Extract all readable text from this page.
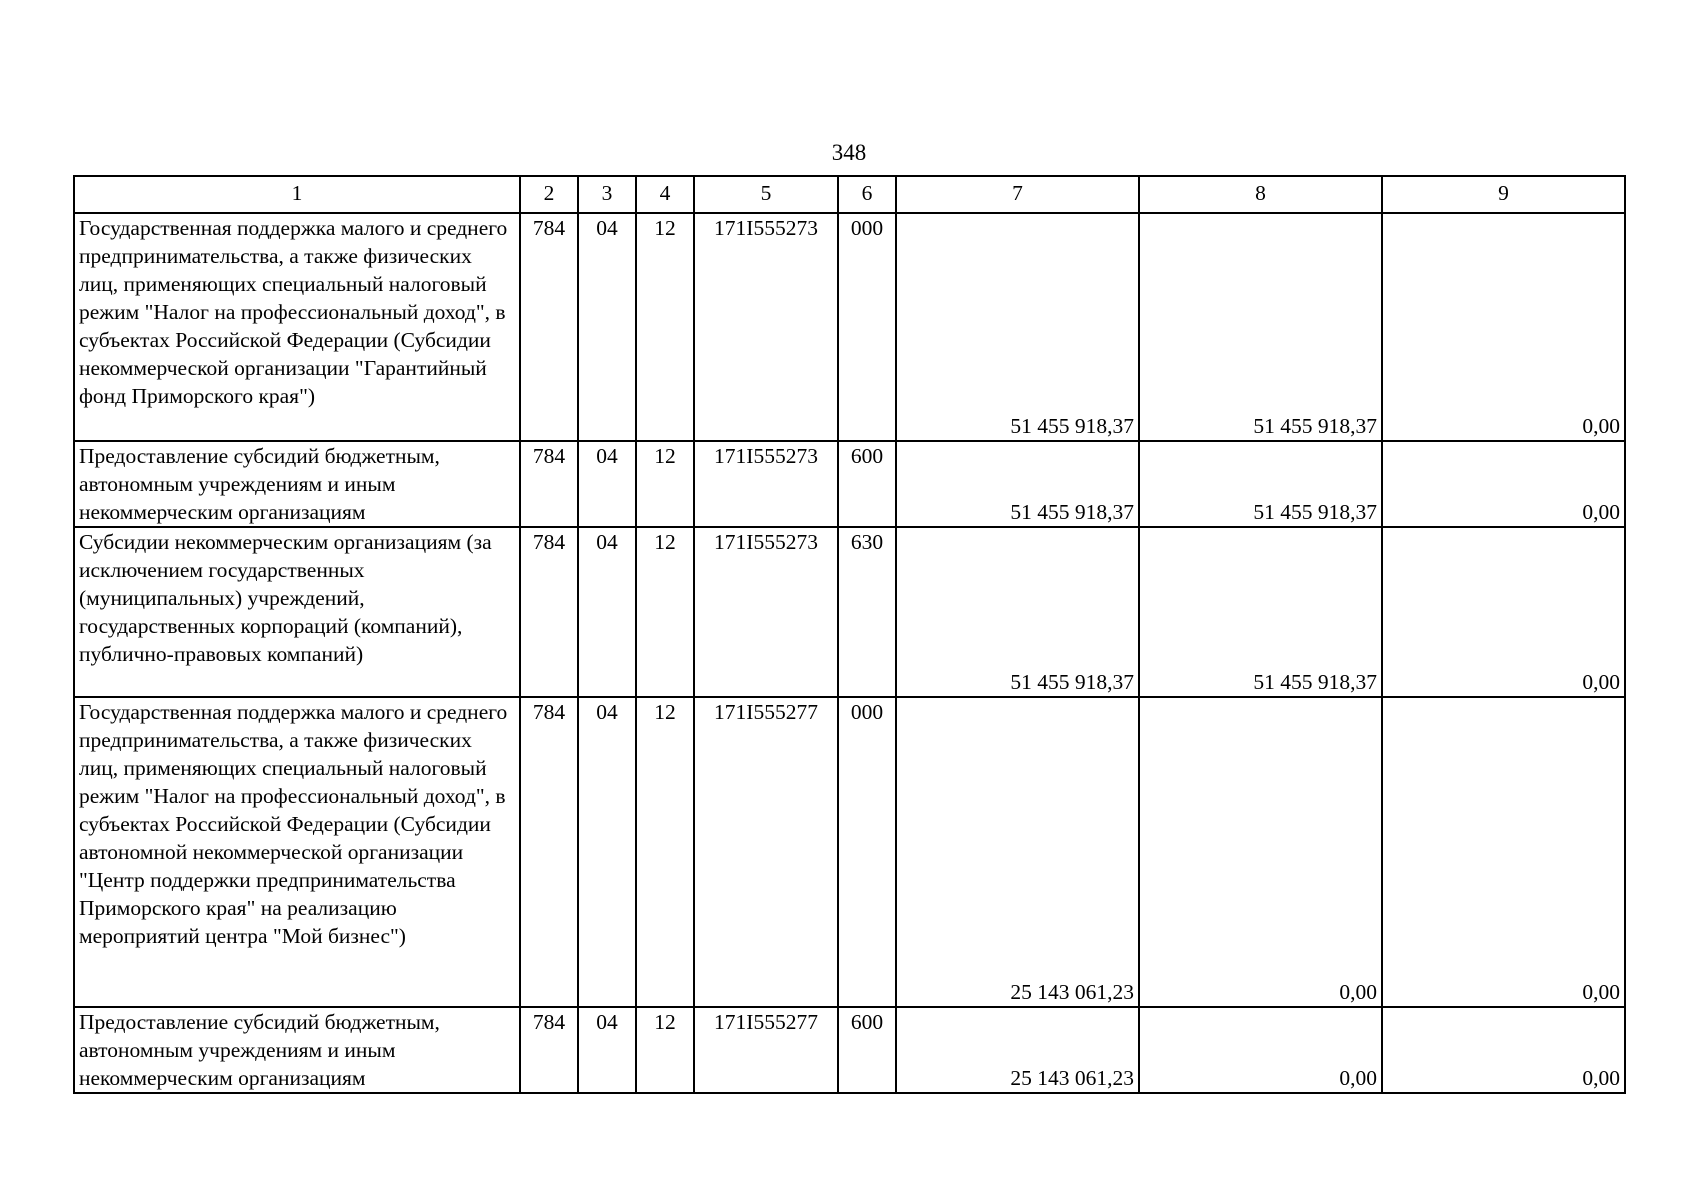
348
1	2	3	4	5	6	7	8	9
Государственная поддержка малого и среднего предпринимательства, а также физических лиц, применяющих специальный налоговый режим "Налог на профессиональный доход", в субъектах Российской Федерации (Субсидии некоммерческой организации "Гарантийный фонд Приморского края")	784	04	12	171I555273	000	51 455 918,37	51 455 918,37	0,00
Предоставление субсидий бюджетным, автономным учреждениям и иным некоммерческим организациям	784	04	12	171I555273	600	51 455 918,37	51 455 918,37	0,00
Субсидии некоммерческим организациям (за исключением государственных (муниципальных) учреждений, государственных корпораций (компаний), публично-правовых компаний)	784	04	12	171I555273	630	51 455 918,37	51 455 918,37	0,00
Государственная поддержка малого и среднего предпринимательства, а также физических лиц, применяющих специальный налоговый режим "Налог на профессиональный доход", в субъектах Российской Федерации (Субсидии автономной некоммерческой организации "Центр поддержки предпринимательства Приморского края" на реализацию мероприятий центра "Мой бизнес")	784	04	12	171I555277	000	25 143 061,23	0,00	0,00
Предоставление субсидий бюджетным, автономным учреждениям и иным некоммерческим организациям	784	04	12	171I555277	600	25 143 061,23	0,00	0,00
